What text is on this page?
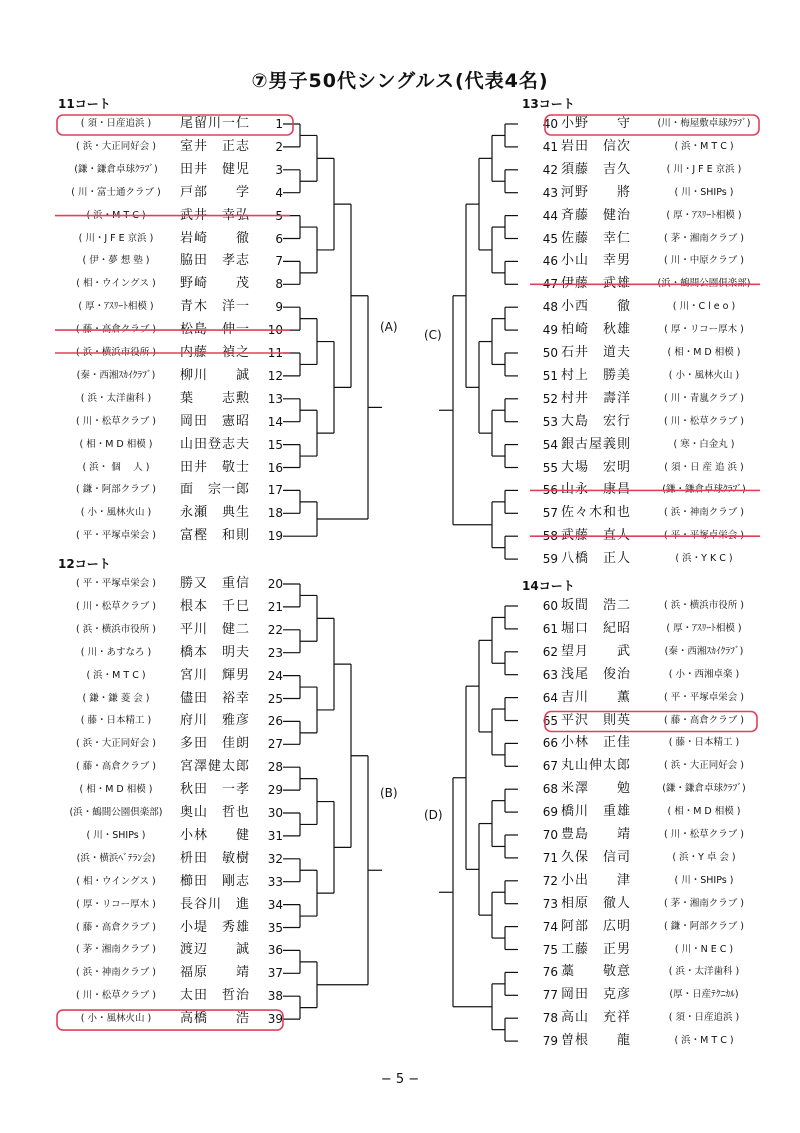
⑦男子50代シングルス(代表4名)
11コート
12コート
13コート
14コート
(A)
(B)
(C)
(D)
( 須・日産追浜 )	尾留川一仁	1
( 浜・大正同好会 )	室井　正志	2
(鎌・鎌倉卓球ｸﾗﾌﾞ)	田井　健児	3
( 川・富士通クラブ )	戸部　　学	4
( 浜・M T C )	武井　幸弘	5
( 川・J F E 京浜 )	岩崎　　徹	6
( 伊・夢 想 塾 )	脇田　孝志	7
( 相・ウイングス )	野崎　　茂	8
( 厚・ｱｽﾘｰﾄ相模 )	青木　洋一	9
( 藤・高倉クラブ )	松島　伸一	10
( 浜・横浜市役所 )	内藤　禎之	11
(秦・西湘ｽｶｲｸﾗﾌﾞ)	柳川　　誠	12
( 浜・太洋歯科 )	葉　　志勲	13
( 川・松草クラブ )	岡田　憲昭	14
( 相・M D 相模 )	山田登志夫	15
( 浜・ 個 　人 )	田井　敬士	16
( 鎌・阿部クラブ )	面　宗一郎	17
( 小・風林火山 )	永瀬　典生	18
( 平・平塚卓栄会 )	富樫　和則	19
( 平・平塚卓栄会 )	勝又　重信	20
( 川・松草クラブ )	根本　千巳	21
( 浜・横浜市役所 )	平川　健二	22
( 川・あすなろ )	橋本　明夫	23
( 浜・M T C )	宮川　輝男	24
( 鎌・鎌 菱 会 )	儘田　裕幸	25
( 藤・日本精工 )	府川　雅彦	26
( 浜・大正同好会 )	多田　佳朗	27
( 藤・高倉クラブ )	宮澤健太郎	28
( 相・M D 相模 )	秋田　一孝	29
(浜・鶴間公園倶楽部)	奥山　哲也	30
( 川・SHIPs )	小林　　健	31
(浜・横浜ﾍﾞﾃﾗﾝ会)	枡田　敏樹	32
( 相・ウイングス )	櫛田　剛志	33
( 厚・リコー厚木 )	長谷川　進	34
( 藤・高倉クラブ )	小堤　秀雄	35
( 茅・湘南クラブ )	渡辺　　誠	36
( 浜・神南クラブ )	福原　　靖	37
( 川・松草クラブ )	太田　哲治	38
( 小・風林火山 )	高橋　　浩	39
40 小野　　守	(川・梅屋敷卓球ｸﾗﾌﾞ)
41 岩田　信次	( 浜・M T C )
42 須藤　吉久	( 川・J F E 京浜 )
43 河野　　將	( 川・SHIPs )
44 斉藤　健治	( 厚・ｱｽﾘｰﾄ相模 )
45 佐藤　幸仁	( 茅・湘南クラブ )
46 小山　幸男	( 川・中原クラブ )
47 伊藤　武雄	(浜・鶴間公園倶楽部)
48 小西　　徹	( 川・C l e o )
49 柏崎　秋雄	( 厚・リコー厚木 )
50 石井　道夫	( 相・M D 相模 )
51 村上　勝美	( 小・風林火山 )
52 村井　壽洋	( 川・青嵐クラブ )
53 大島　宏行	( 川・松草クラブ )
54 銀古屋義則	( 寒・白金丸 )
55 大場　宏明	( 須・日 産 追 浜 )
56 山永　康昌	(鎌・鎌倉卓球ｸﾗﾌﾞ)
57 佐々木和也	( 浜・神南クラブ )
58 武藤　直人	( 平・平塚卓栄会 )
59 八橋　正人	( 浜・Y K C )
60 坂間　浩二	( 浜・横浜市役所 )
61 堀口　紀昭	( 厚・ｱｽﾘｰﾄ相模 )
62 望月　　武	(秦・西湘ｽｶｲｸﾗﾌﾞ)
63 浅尾　俊治	( 小・西湘卓楽 )
64 吉川　　薫	( 平・平塚卓栄会 )
65 平沢　則英	( 藤・高倉クラブ )
66 小林　正佳	( 藤・日本精工 )
67 丸山伸太郎	( 浜・大正同好会 )
68 米澤　　勉	(鎌・鎌倉卓球ｸﾗﾌﾞ)
69 橋川　重雄	( 相・M D 相模 )
70 豊島　　靖	( 川・松草クラブ )
71 久保　信司	( 浜・Y 卓 会 )
72 小出　　津	( 川・SHIPs )
73 相原　徹人	( 茅・湘南クラブ )
74 阿部　広明	( 鎌・阿部クラブ )
75 工藤　正男	( 川・N E C )
76 藁　　敬意	( 浜・太洋歯科 )
77 岡田　克彦	(厚・日産ﾃｸﾆｶﾙ)
78 高山　充祥	( 須・日産追浜 )
79 曽根　　龍	( 浜・M T C )
− 5 −
